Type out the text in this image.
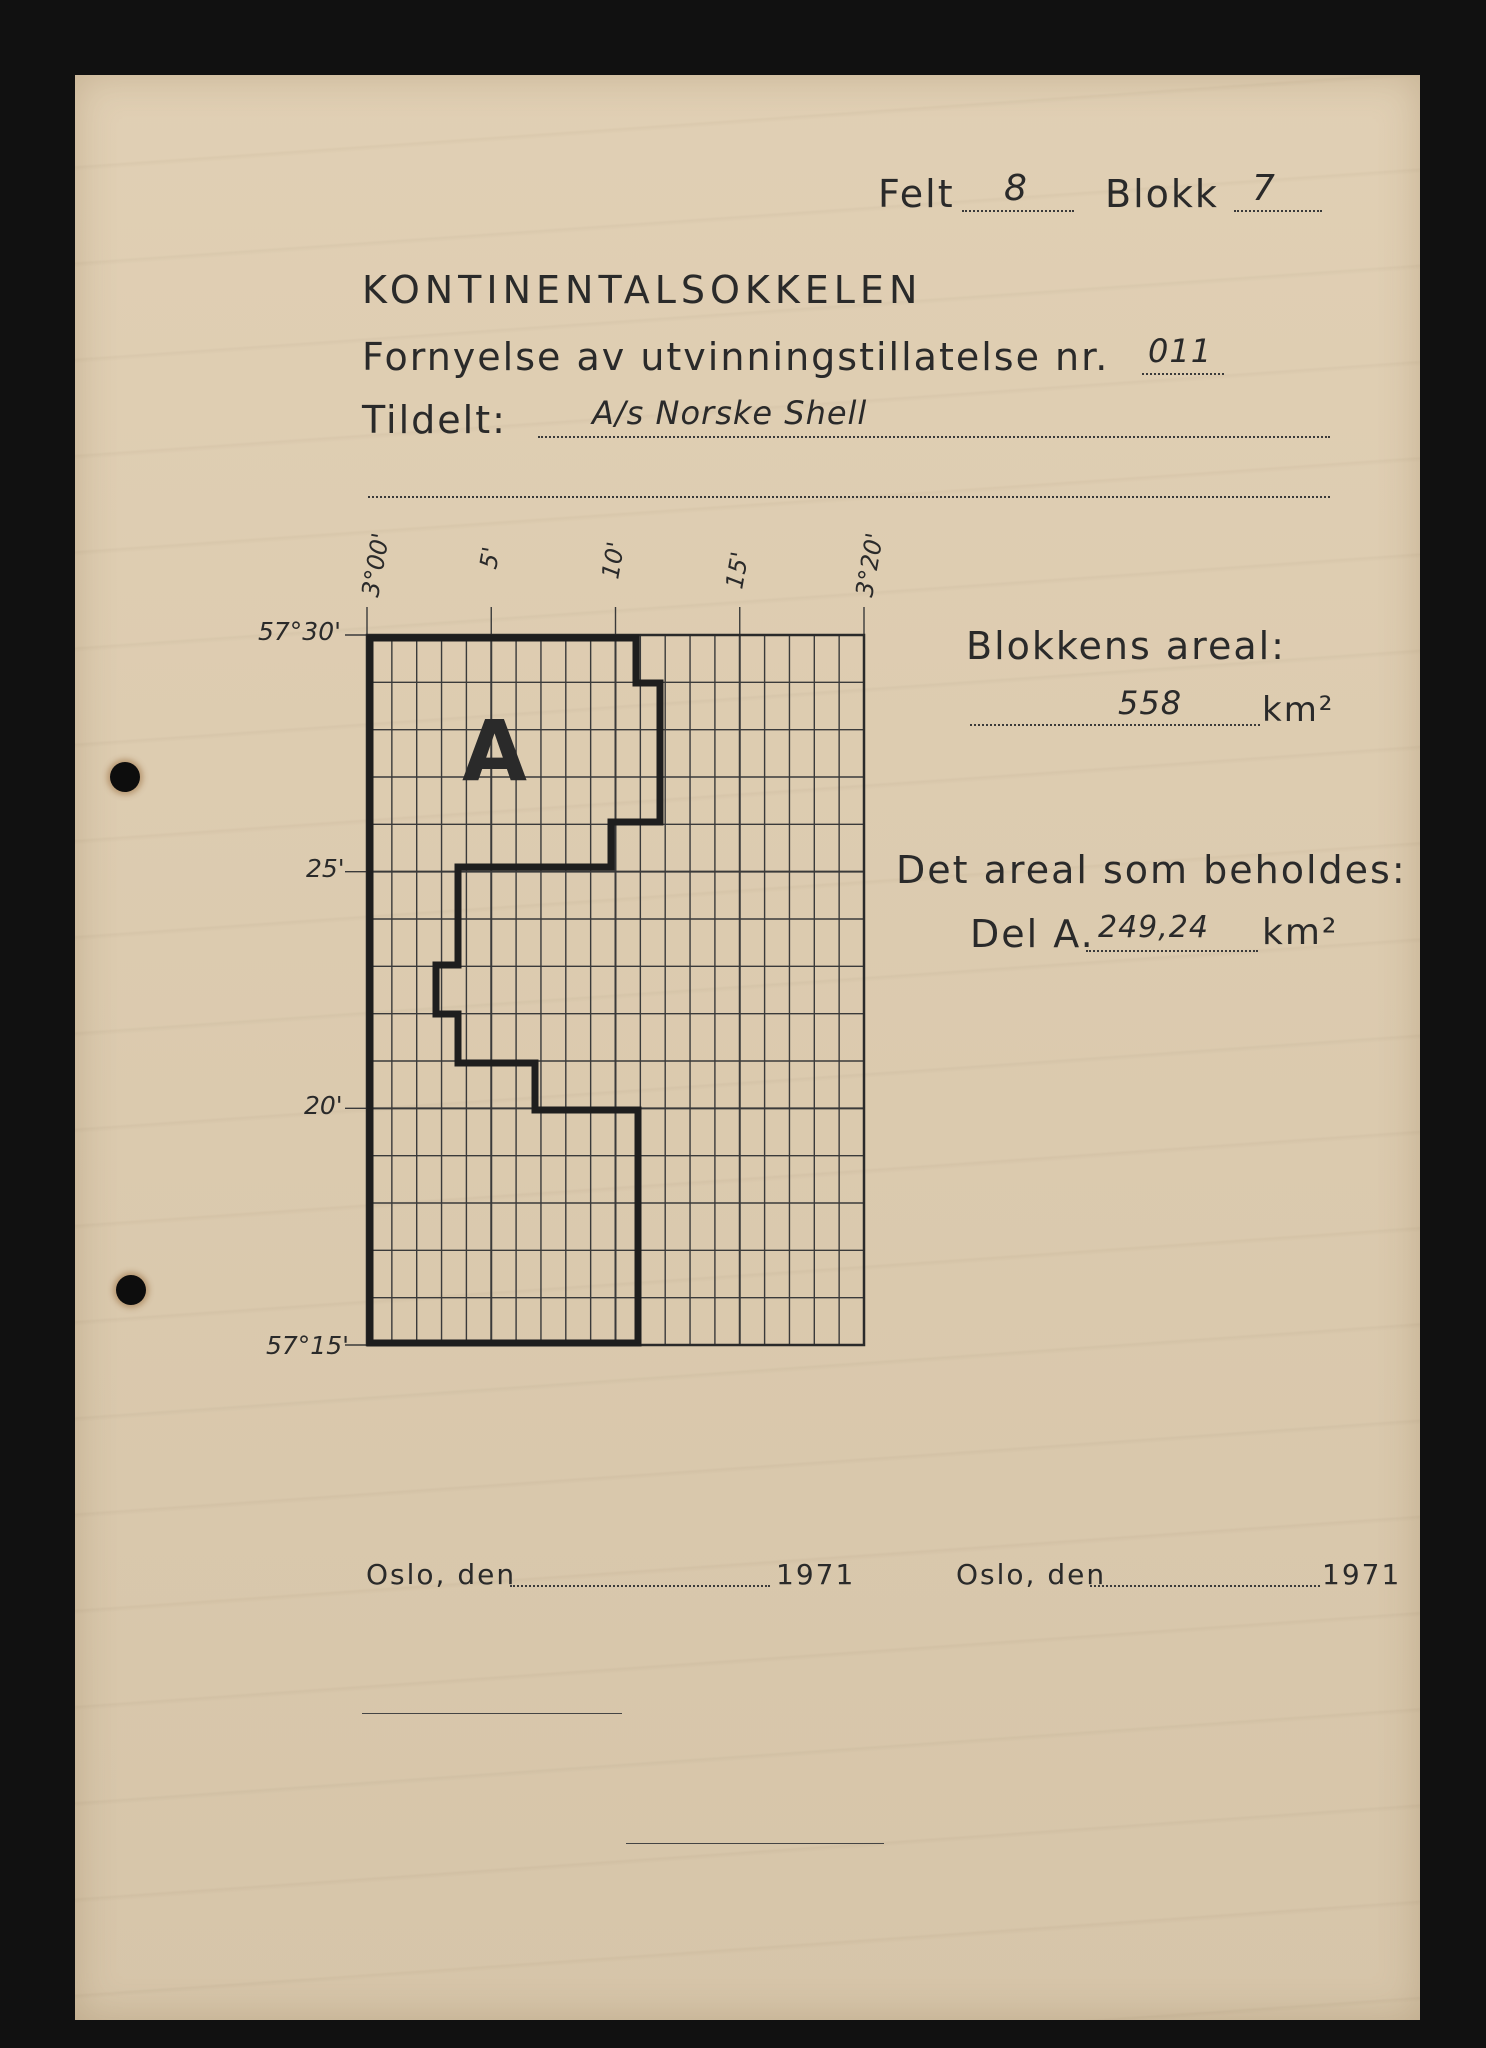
Felt 8 Blokk 7
KONTINENTALSOKKELEN
Fornyelse av utvinningstillatelse nr. 011
Tildelt:	A/s Norske Shell
3°00'	5'	10'	15'	3°20'
57°30'
25'
20'
57°15'
A
Blokkens areal:
558 km²
Det areal som beholdes:
Del A. 249,24 km²
Oslo, den	1971	Oslo, den	1971
